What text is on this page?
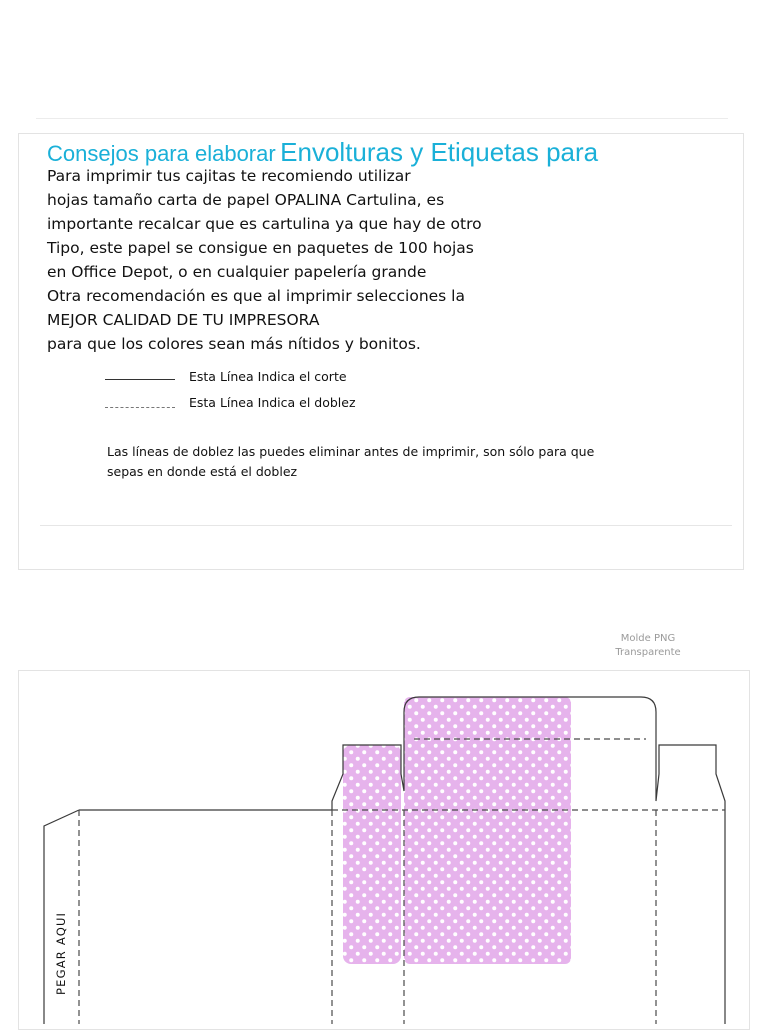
Consejos para elaborar Envolturas y Etiquetas para
Para imprimir tus cajitas te recomiendo utilizar
hojas tamaño carta de papel OPALINA Cartulina, es
importante recalcar que es cartulina ya que hay de otro
Tipo, este papel se consigue en paquetes de 100 hojas
en Office Depot, o en cualquier papelería grande
Otra recomendación es que al imprimir selecciones la
MEJOR CALIDAD DE TU IMPRESORA
para que los colores sean más nítidos y bonitos.
Esta Línea Indica el corte
Esta Línea Indica el doblez
Las líneas de doblez las puedes eliminar antes de imprimir, son sólo para que
sepas en donde está el doblez
Molde PNG
Transparente
PEGAR AQUI
